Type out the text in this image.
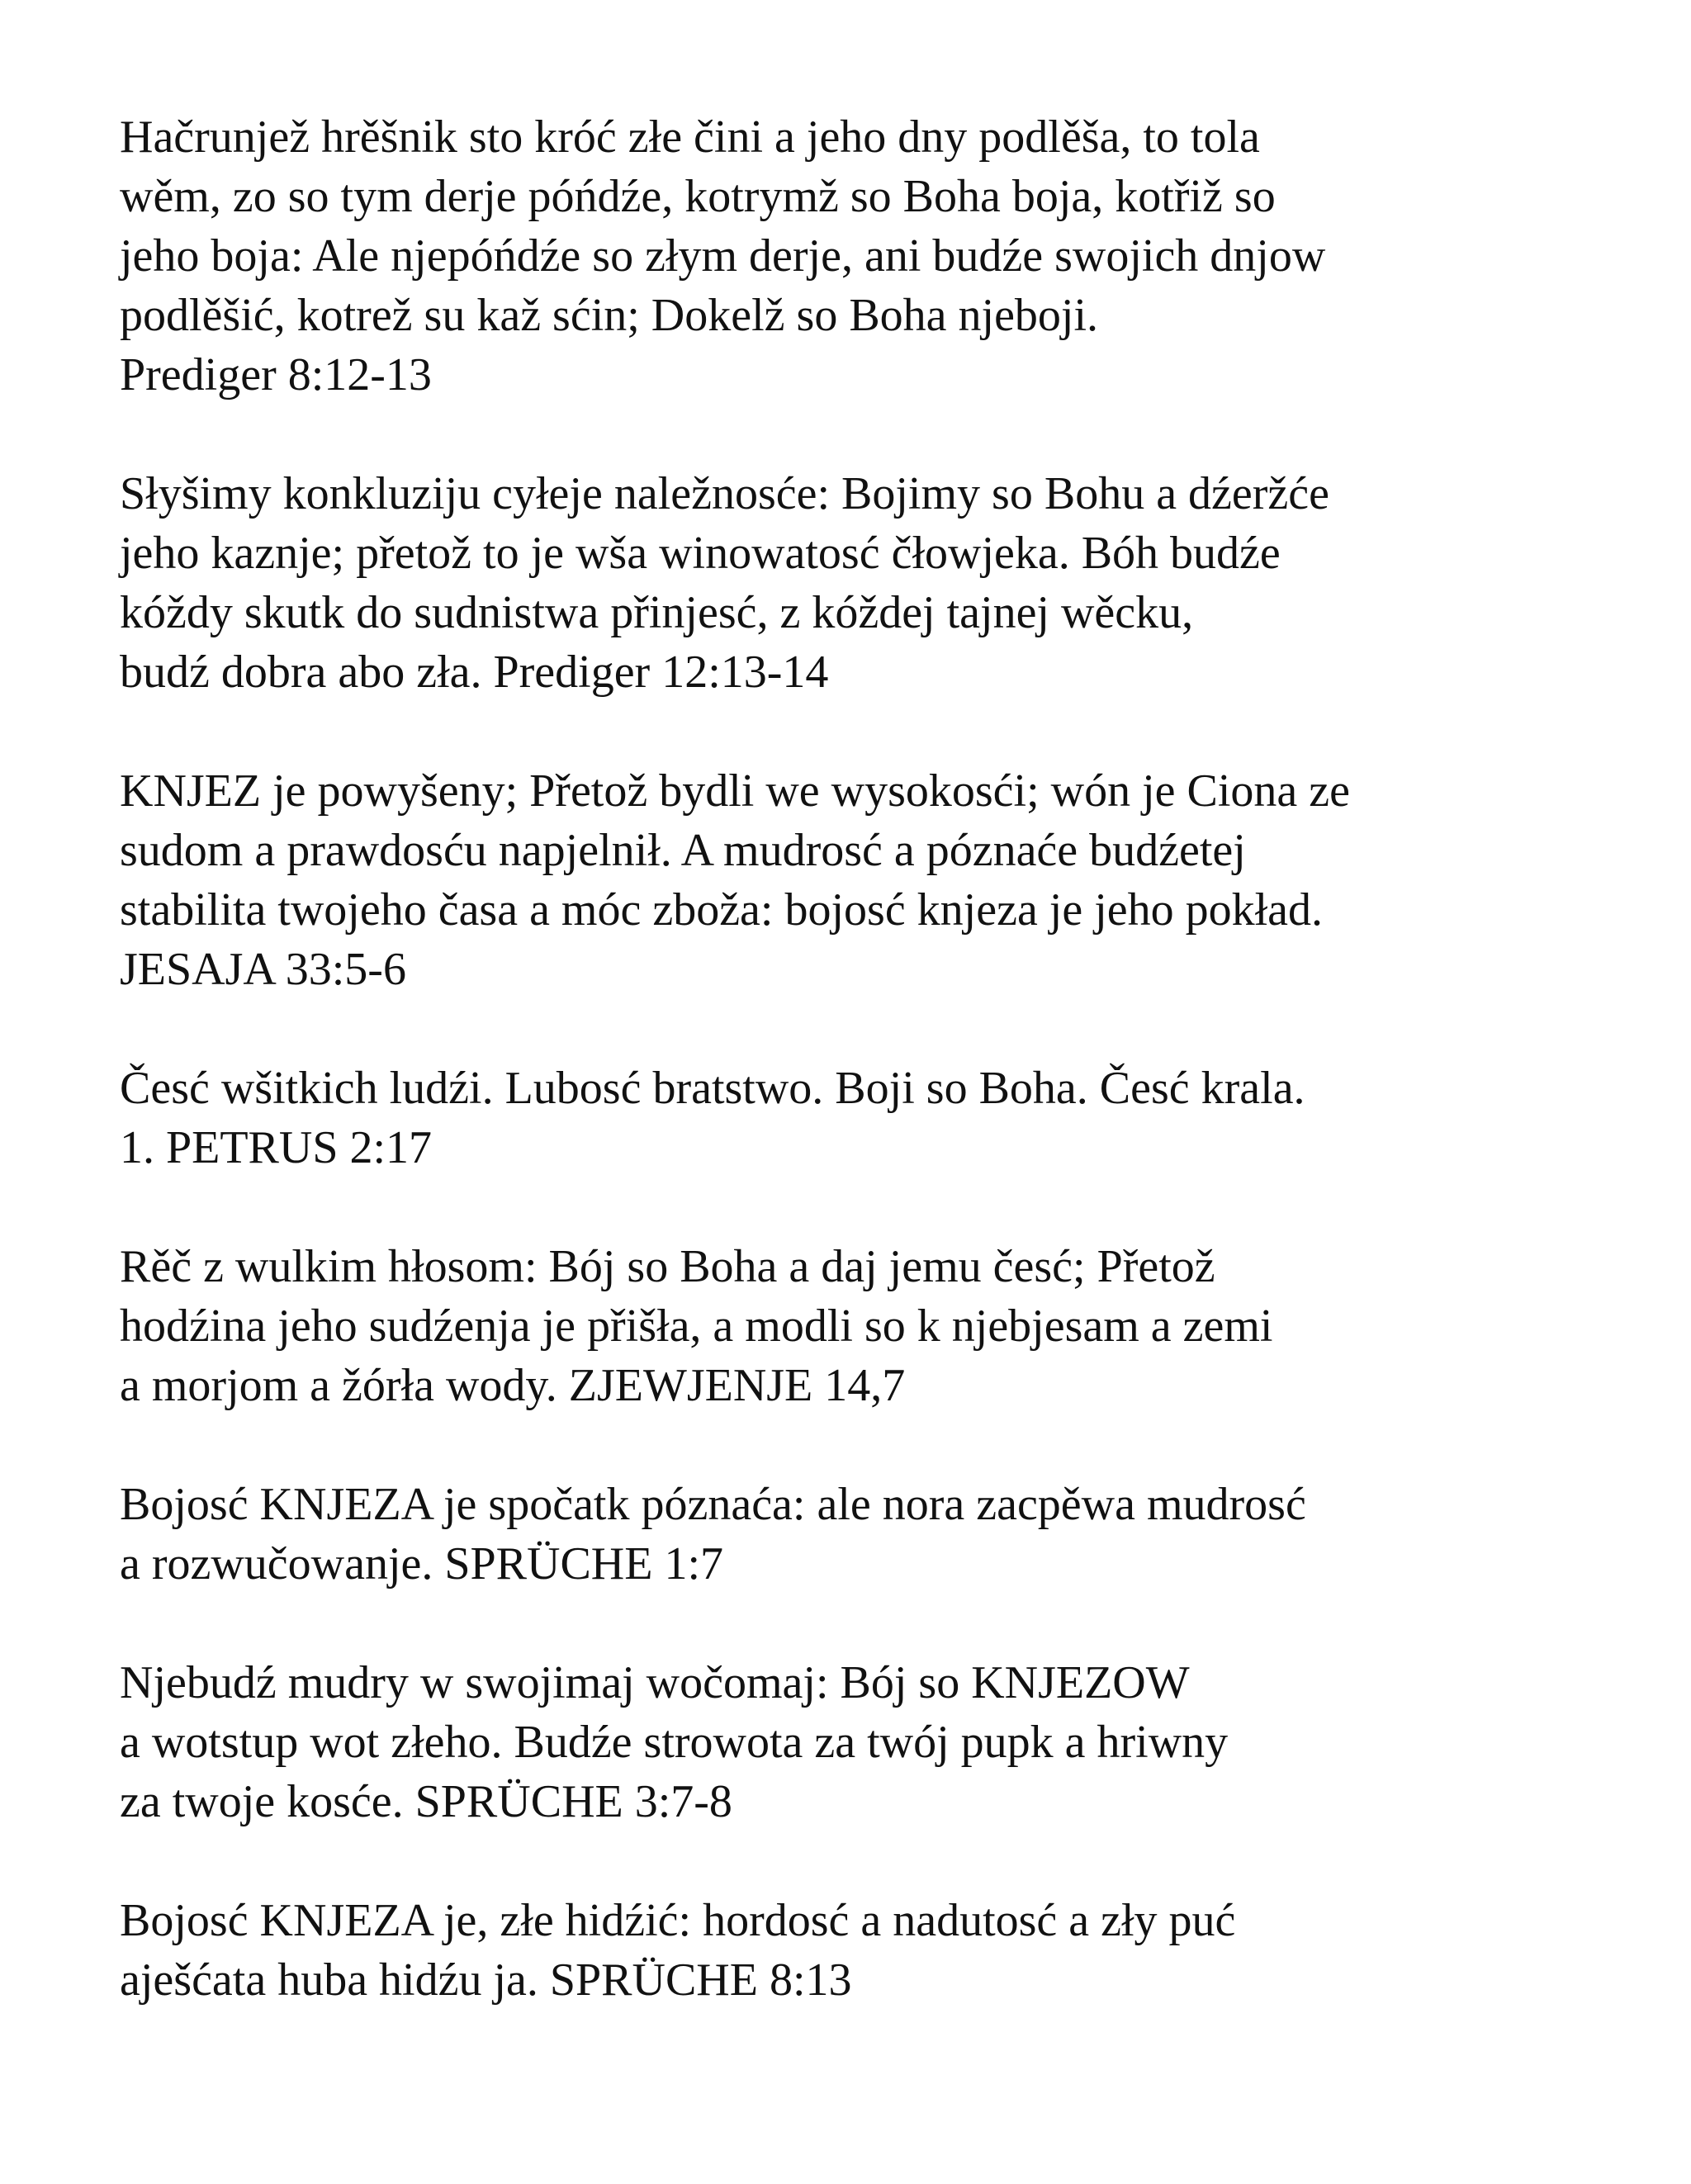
Hačrunjež hrěšnik sto króć złe čini a jeho dny podlěša, to tola
wěm, zo so tym derje póńdźe, kotrymž so Boha boja, kotřiž so
jeho boja: Ale njepóńdźe so złym derje, ani budźe swojich dnjow
podlěšić, kotrež su kaž sćin; Dokelž so Boha njeboji.
Prediger 8:12-13
Słyšimy konkluziju cyłeje naležnosće: Bojimy so Bohu a dźeržće
jeho kaznje; přetož to je wša winowatosć čłowjeka. Bóh budźe
kóždy skutk do sudnistwa přinjesć, z kóždej tajnej wěcku,
budź dobra abo zła. Prediger 12:13-14
KNJEZ je powyšeny; Přetož bydli we wysokosći; wón je Ciona ze
sudom a prawdosću napjelnił. A mudrosć a póznaće budźetej
stabilita twojeho časa a móc zboža: bojosć knjeza je jeho pokład.
JESAJA 33:5-6
Česć wšitkich ludźi. Lubosć bratstwo. Boji so Boha. Česć krala.
1. PETRUS 2:17
Rěč z wulkim hłosom: Bój so Boha a daj jemu česć; Přetož
hodźina jeho sudźenja je přišła, a modli so k njebjesam a zemi
a morjom a žórła wody. ZJEWJENJE 14,7
Bojosć KNJEZA je spočatk póznaća: ale nora zacpěwa mudrosć
a rozwučowanje. SPRÜCHE 1:7
Njebudź mudry w swojimaj wočomaj: Bój so KNJEZOW
a wotstup wot złeho. Budźe strowota za twój pupk a hriwny
za twoje kosće. SPRÜCHE 3:7-8
Bojosć KNJEZA je, złe hidźić: hordosć a nadutosć a zły puć
aješćata huba hidźu ja. SPRÜCHE 8:13
